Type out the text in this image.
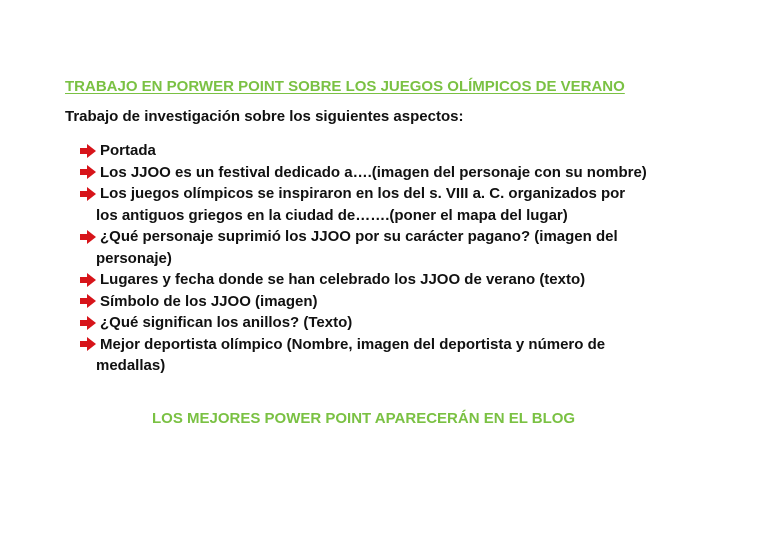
TRABAJO EN PORWER POINT SOBRE LOS JUEGOS OLÍMPICOS DE VERANO
Trabajo de investigación sobre los siguientes aspectos:
Portada
Los JJOO es un festival dedicado a….(imagen del personaje con su nombre)
Los juegos olímpicos se inspiraron en los del s. VIII a. C. organizados por
los antiguos griegos en la ciudad de…….(poner el mapa del lugar)
¿Qué personaje suprimió los JJOO por su carácter pagano? (imagen del
personaje)
Lugares y fecha donde se han celebrado los JJOO de verano (texto)
Símbolo de los JJOO (imagen)
¿Qué significan los anillos? (Texto)
Mejor deportista olímpico (Nombre, imagen del deportista y número de
medallas)
LOS MEJORES POWER POINT APARECERÁN EN EL BLOG
